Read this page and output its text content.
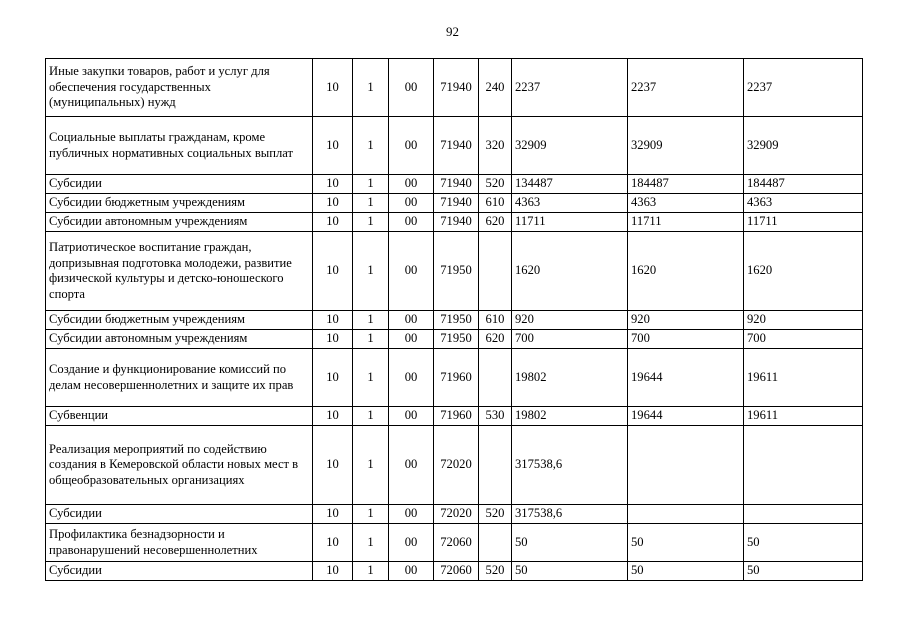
92
Иные закупки товаров, работ и услуг для обеспечения государственных (муниципальных) нужд	10	1	00	71940	240	2237	2237	2237
Социальные выплаты гражданам, кроме публичных нормативных социальных выплат	10	1	00	71940	320	32909	32909	32909
Субсидии	10	1	00	71940	520	134487	184487	184487
Субсидии бюджетным учреждениям	10	1	00	71940	610	4363	4363	4363
Субсидии автономным учреждениям	10	1	00	71940	620	11711	11711	11711
Патриотическое воспитание граждан, допризывная подготовка молодежи, развитие физической культуры и детско-юношеского спорта	10	1	00	71950		1620	1620	1620
Субсидии бюджетным учреждениям	10	1	00	71950	610	920	920	920
Субсидии автономным учреждениям	10	1	00	71950	620	700	700	700
Создание и функционирование комиссий по делам несовершеннолетних и защите их прав	10	1	00	71960		19802	19644	19611
Субвенции	10	1	00	71960	530	19802	19644	19611
Реализация мероприятий по содействию создания в Кемеровской области новых мест в общеобразовательных организациях	10	1	00	72020		317538,6		
Субсидии	10	1	00	72020	520	317538,6		
Профилактика безнадзорности и правонарушений несовершеннолетних	10	1	00	72060		50	50	50
Субсидии	10	1	00	72060	520	50	50	50
